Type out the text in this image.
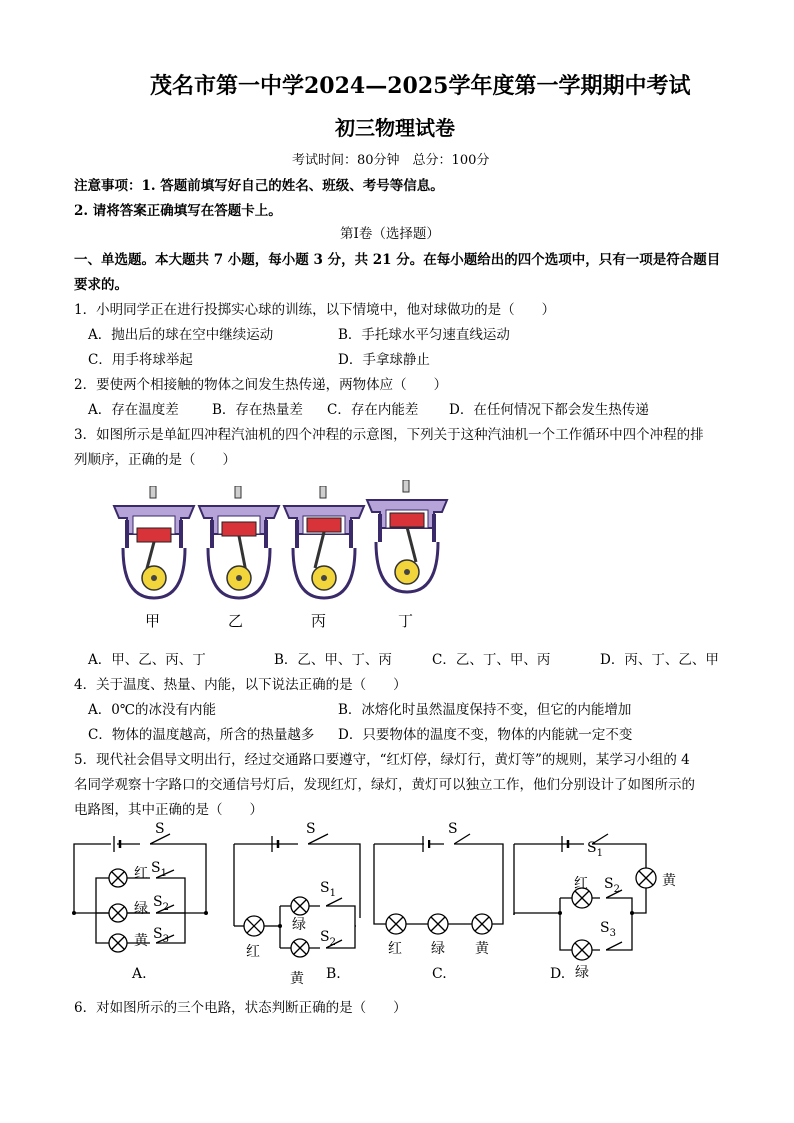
茂名市第一中学2024—2025学年度第一学期期中考试
初三物理试卷
考试时间：80分钟　总分：100分
注意事项：1. 答题前填写好自己的姓名、班级、考号等信息。
2. 请将答案正确填写在答题卡上。
第Ⅰ卷（选择题）
一、单选题。本大题共 7 小题，每小题 3 分，共 21 分。在每小题给出的四个选项中，只有一项是符合题目
要求的。
1．小明同学正在进行投掷实心球的训练，以下情境中，他对球做功的是（　　）
A．抛出后的球在空中继续运动	B．手托球水平匀速直线运动
C．用手将球举起	D．手拿球静止
2．要使两个相接触的物体之间发生热传递，两物体应（　　）
A．存在温度差 B．存在热量差 C．存在内能差 D．在任何情况下都会发生热传递
3．如图所示是单缸四冲程汽油机的四个冲程的示意图，下列关于这种汽油机一个工作循环中四个冲程的排
列顺序，正确的是（　　）
甲	乙	丙	丁
A．甲、乙、丙、丁	B．乙、甲、丁、丙	C．乙、丁、甲、丙	D．丙、丁、乙、甲
4．关于温度、热量、内能，以下说法正确的是（　　）
A．0℃的冰没有内能	B．冰熔化时虽然温度保持不变，但它的内能增加
C．物体的温度越高，所含的热量越多 D．只要物体的温度不变，物体的内能就一定不变
5．现代社会倡导文明出行，经过交通路口要遵守，“红灯停，绿灯行，黄灯等”的规则，某学习小组的 4
名同学观察十字路口的交通信号灯后，发现红灯，绿灯，黄灯可以独立工作，他们分别设计了如图所示的
电路图，其中正确的是（　　）
S
红 $S_1$
绿 $S_2$
黄 $S_3$
A.
S
红
绿
$S_1$
$S_2$
黄 B.
S
红 绿 黄
C.
$S_1$
黄
红 $S_2$
$S_3$
绿
D.
6．对如图所示的三个电路，状态判断正确的是（　　）
